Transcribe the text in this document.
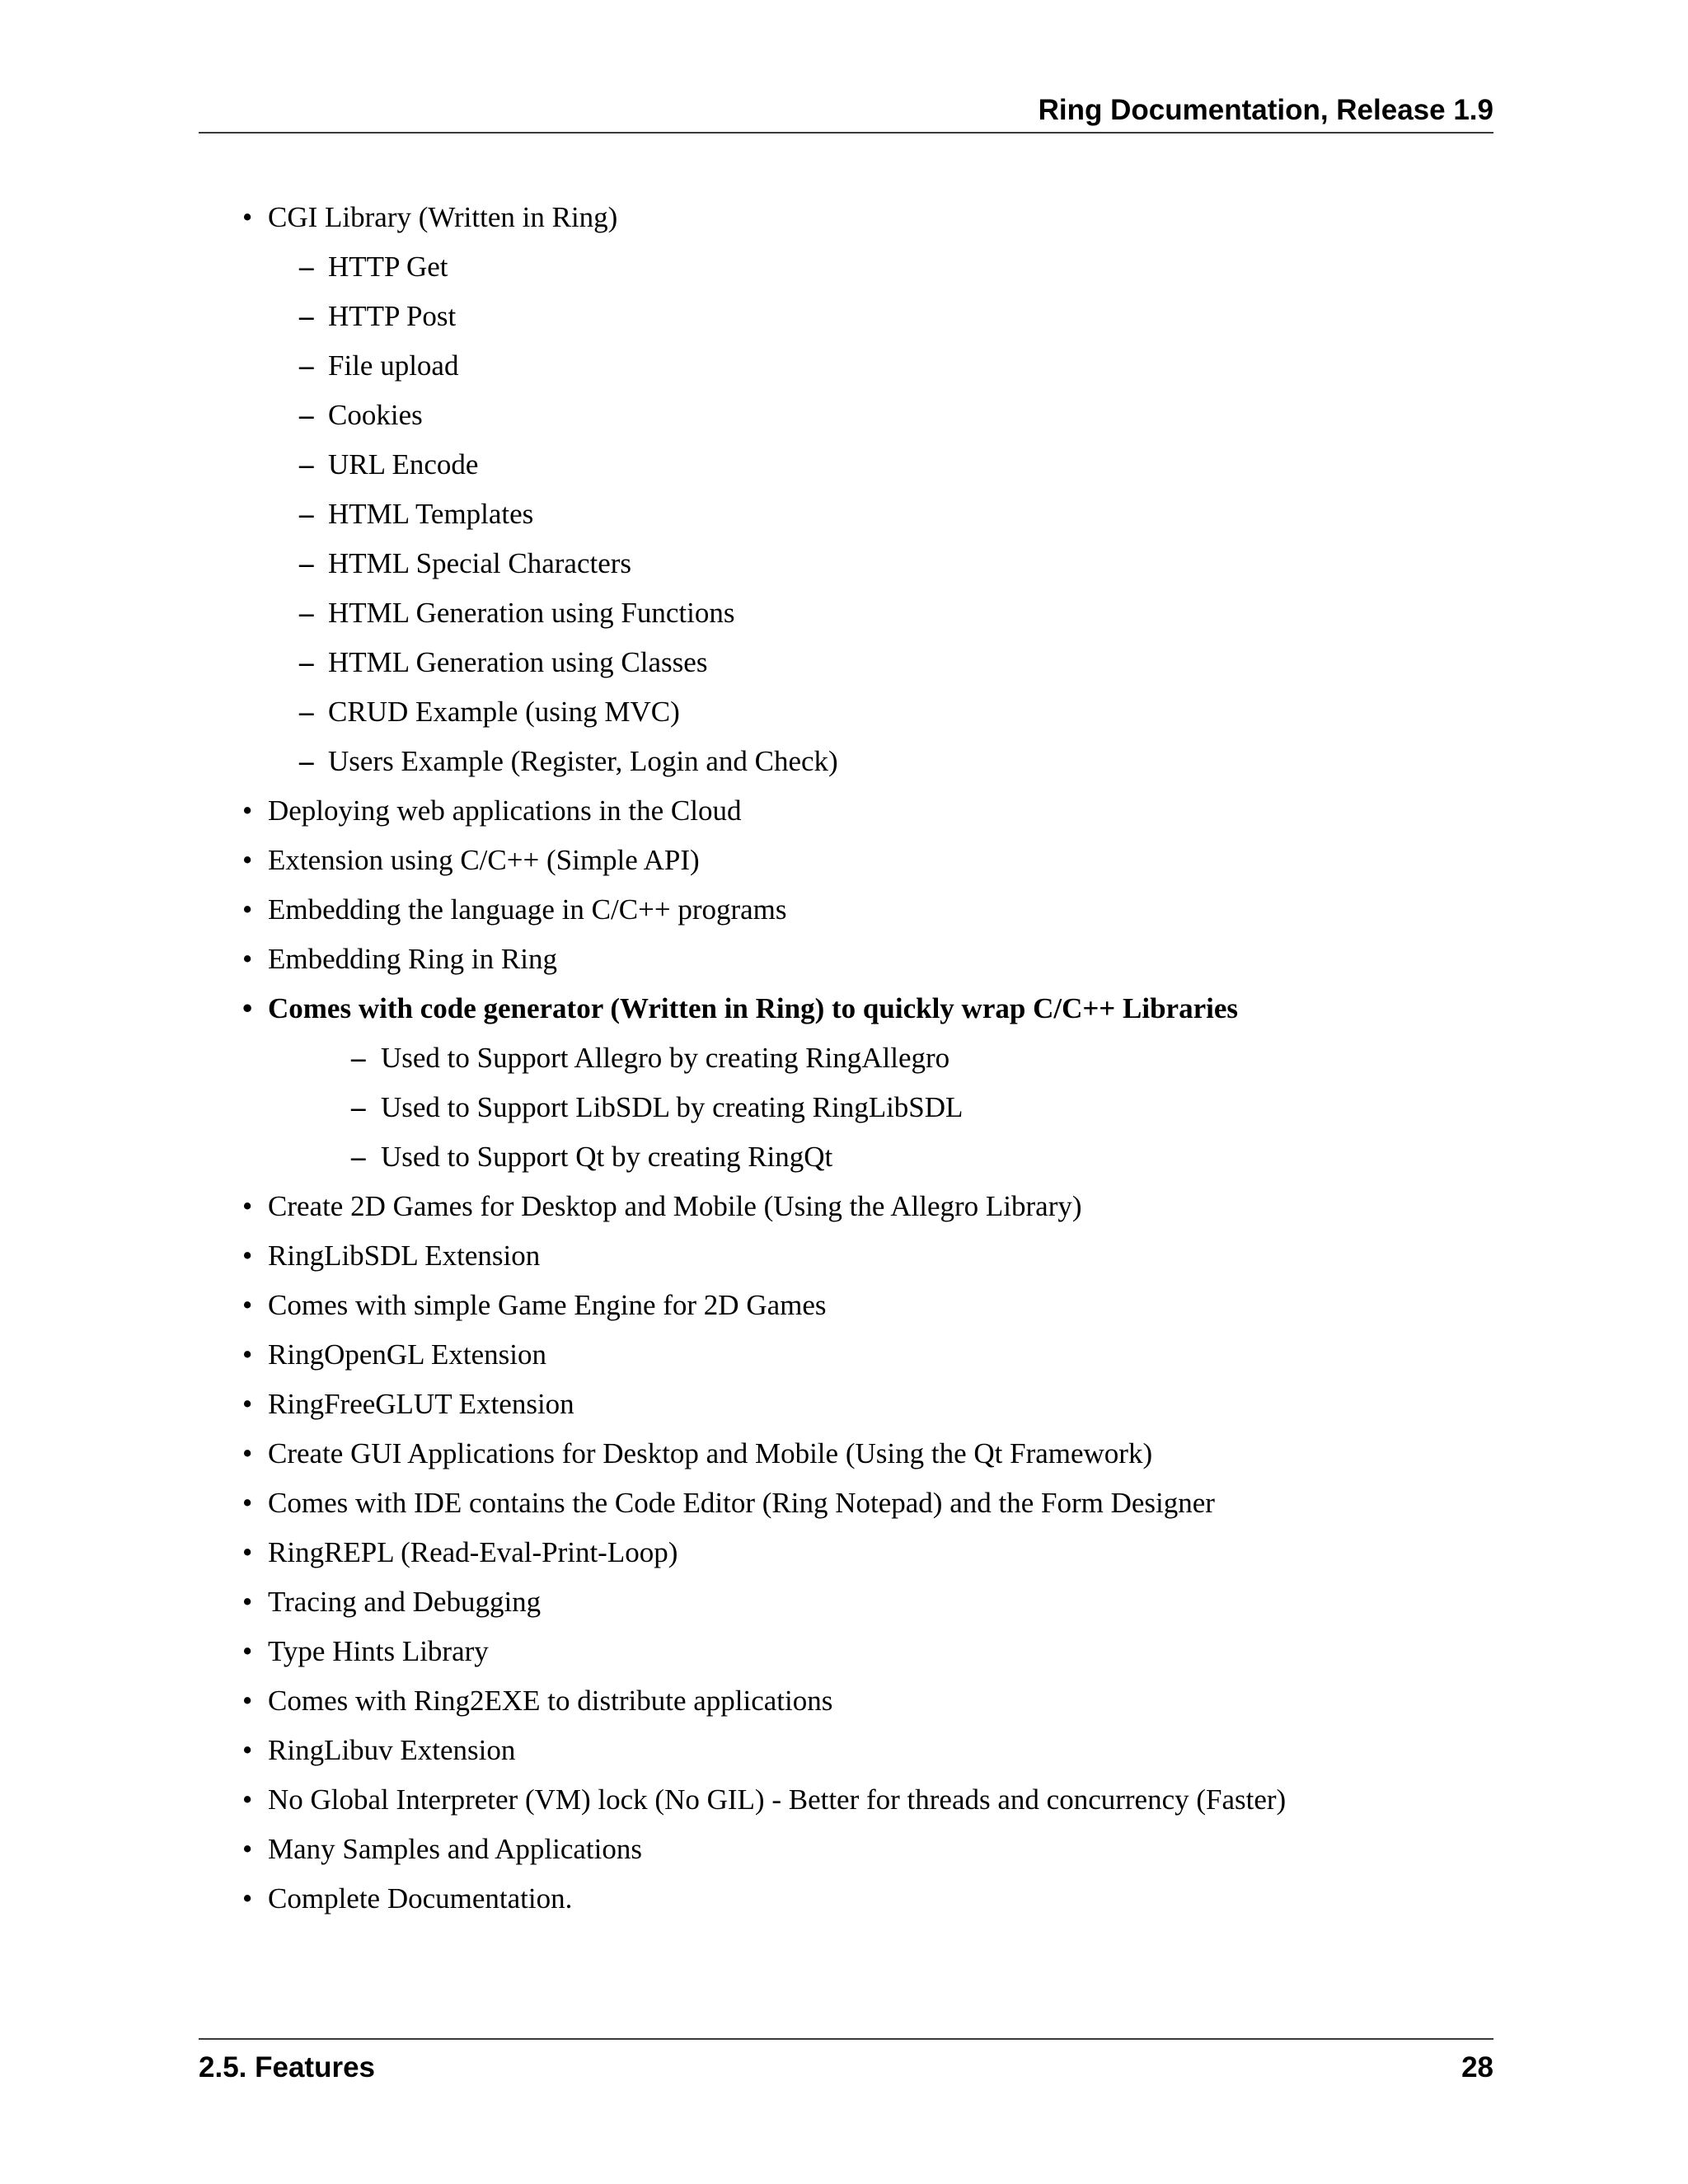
Ring Documentation, Release 1.9
• CGI Library (Written in Ring)
– HTTP Get
– HTTP Post
– File upload
– Cookies
– URL Encode
– HTML Templates
– HTML Special Characters
– HTML Generation using Functions
– HTML Generation using Classes
– CRUD Example (using MVC)
– Users Example (Register, Login and Check)
• Deploying web applications in the Cloud
• Extension using C/C++ (Simple API)
• Embedding the language in C/C++ programs
• Embedding Ring in Ring
• Comes with code generator (Written in Ring) to quickly wrap C/C++ Libraries
– Used to Support Allegro by creating RingAllegro
– Used to Support LibSDL by creating RingLibSDL
– Used to Support Qt by creating RingQt
• Create 2D Games for Desktop and Mobile (Using the Allegro Library)
• RingLibSDL Extension
• Comes with simple Game Engine for 2D Games
• RingOpenGL Extension
• RingFreeGLUT Extension
• Create GUI Applications for Desktop and Mobile (Using the Qt Framework)
• Comes with IDE contains the Code Editor (Ring Notepad) and the Form Designer
• RingREPL (Read-Eval-Print-Loop)
• Tracing and Debugging
• Type Hints Library
• Comes with Ring2EXE to distribute applications
• RingLibuv Extension
• No Global Interpreter (VM) lock (No GIL) - Better for threads and concurrency (Faster)
• Many Samples and Applications
• Complete Documentation.
2.5. Features	28
